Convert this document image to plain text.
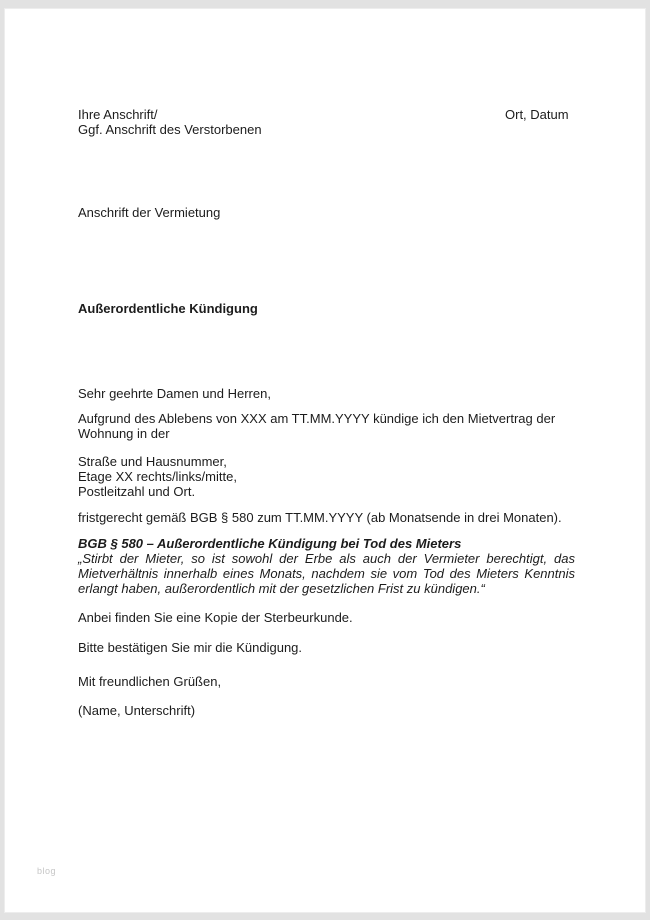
Ihre Anschrift/

Ggf. Anschrift des Verstorbenen

Ort, Datum

Anschrift der Vermietung

Außerordentliche Kündigung

Sehr geehrte Damen und Herren,

Aufgrund des Ablebens von XXX am TT.MM.YYYY kündige ich den Mietvertrag der Wohnung in der

Straße und Hausnummer,

Etage XX rechts/links/mitte,

Postleitzahl und Ort.

fristgerecht gemäß BGB § 580 zum TT.MM.YYYY (ab Monatsende in drei Monaten).

BGB § 580 – Außerordentliche Kündigung bei Tod des Mieters

„Stirbt der Mieter, so ist sowohl der Erbe als auch der Vermieter berechtigt, das Mietverhältnis innerhalb eines Monats, nachdem sie vom Tod des Mieters Kenntnis erlangt haben, außerordentlich mit der gesetzlichen Frist zu kündigen.“

Anbei finden Sie eine Kopie der Sterbeurkunde.

Bitte bestätigen Sie mir die Kündigung.

Mit freundlichen Grüßen,

(Name, Unterschrift)

blog
